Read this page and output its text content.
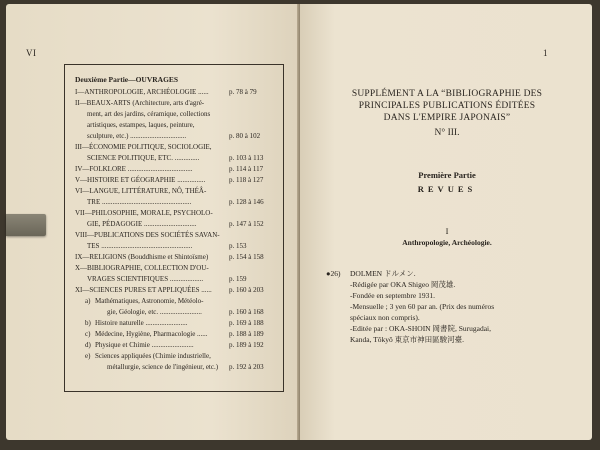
VI
Deuxième Partie—OUVRAGES
I—ANTHROPOLOGIE, ARCHÉOLOGIE ......	p. 78 à 79
II—BEAUX-ARTS (Architecture, arts d'agré-
ment, art des jardins, céramique, collections
artistiques, estampes, laques, peinture,
sculpture, etc.) ................................	p. 80 à 102
III—ÉCONOMIE POLITIQUE, SOCIOLOGIE,
SCIENCE POLITIQUE, ETC. ..............	p. 103 à 113
IV—FOLKLORE .....................................	p. 114 à 117
V—HISTOIRE ET GÉOGRAPHIE ................	p. 118 à 127
VI—LANGUE, LITTÉRATURE, NÔ, THÉÂ-
TRE ...................................................	p. 128 à 146
VII—PHILOSOPHIE, MORALE, PSYCHOLO-
GIE, PÉDAGOGIE ..............................	p. 147 à 152
VIII—PUBLICATIONS DES SOCIÉTÉS SAVAN-
TES ....................................................	p. 153
IX—RELIGIONS (Bouddhisme et Shintoïsme)	p. 154 à 158
X—BIBLIOGRAPHIE, COLLECTION D'OU-
VRAGES SCIENTIFIQUES ...................	p. 159
XI—SCIENCES PURES ET APPLIQUÉES ......	p. 160 à 203
a) Mathématiques, Astronomie, Météolo-
gie, Géologie, etc. ........................	p. 160 à 168
b) Histoire naturelle ........................	p. 169 à 188
c) Médecine, Hygiène, Pharmacologie ......	p. 188 à 189
d) Physique et Chimie ........................	p. 189 à 192
e) Sciences appliquées (Chimie industrielle,
métallurgie, science de l'ingénieur, etc.)	p. 192 à 203
1
SUPPLÉMENT A LA “BIBLIOGRAPHIE DES
PRINCIPALES PUBLICATIONS ÉDITÉES
DANS L'EMPIRE JAPONAIS”
N° III.
Première Partie
REVUES
I
Anthropologie, Archéologie.
●26) DOLMEN ドルメン.
-Rédigée par OKA Shigeo 岡茂雄.
-Fondée en septembre 1931.
-Mensuelle ; 3 yen 60 par an. (Prix des numéros
spéciaux non compris).
-Editée par : OKA-SHOIN 岡書院, Surugadai,
Kanda, Tôkyô 東京市神田區駿河臺.
